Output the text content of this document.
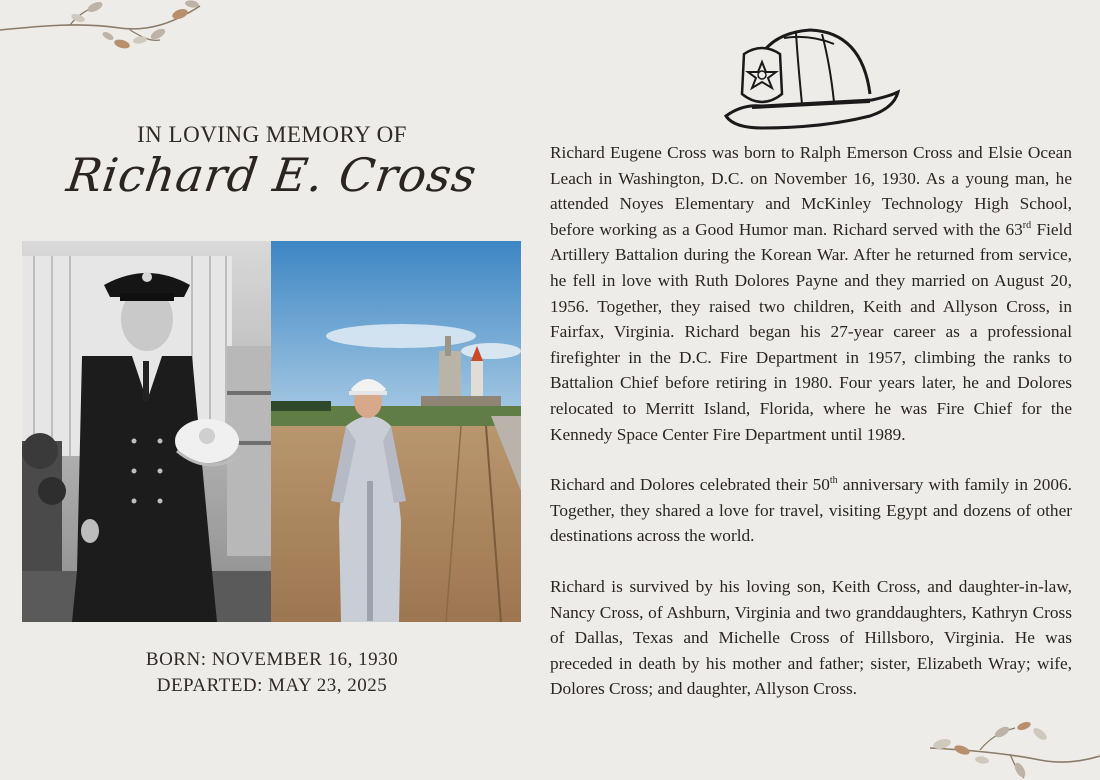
IN LOVING MEMORY OF
Richard E. Cross
BORN: NOVEMBER 16, 1930
DEPARTED: MAY 23, 2025

Richard Eugene Cross was born to Ralph Emerson Cross and Elsie Ocean Leach in Washington, D.C. on November 16, 1930. As a young man, he attended Noyes Elementary and McKinley Technology High School, before working as a Good Humor man. Richard served with the 63rd Field Artillery Battalion during the Korean War. After he returned from service, he fell in love with Ruth Dolores Payne and they married on August 20, 1956. Together, they raised two children, Keith and Allyson Cross, in Fairfax, Virginia. Richard began his 27-year career as a professional firefighter in the D.C. Fire Department in 1957, climbing the ranks to Battalion Chief before retiring in 1980. Four years later, he and Dolores relocated to Merritt Island, Florida, where he was Fire Chief for the Kennedy Space Center Fire Department until 1989.

Richard and Dolores celebrated their 50th anniversary with family in 2006. Together, they shared a love for travel, visiting Egypt and dozens of other destinations across the world.

Richard is survived by his loving son, Keith Cross, and daughter-in-law, Nancy Cross, of Ashburn, Virginia and two granddaughters, Kathryn Cross of Dallas, Texas and Michelle Cross of Hillsboro, Virginia. He was preceded in death by his mother and father; sister, Elizabeth Wray; wife, Dolores Cross; and daughter, Allyson Cross.
